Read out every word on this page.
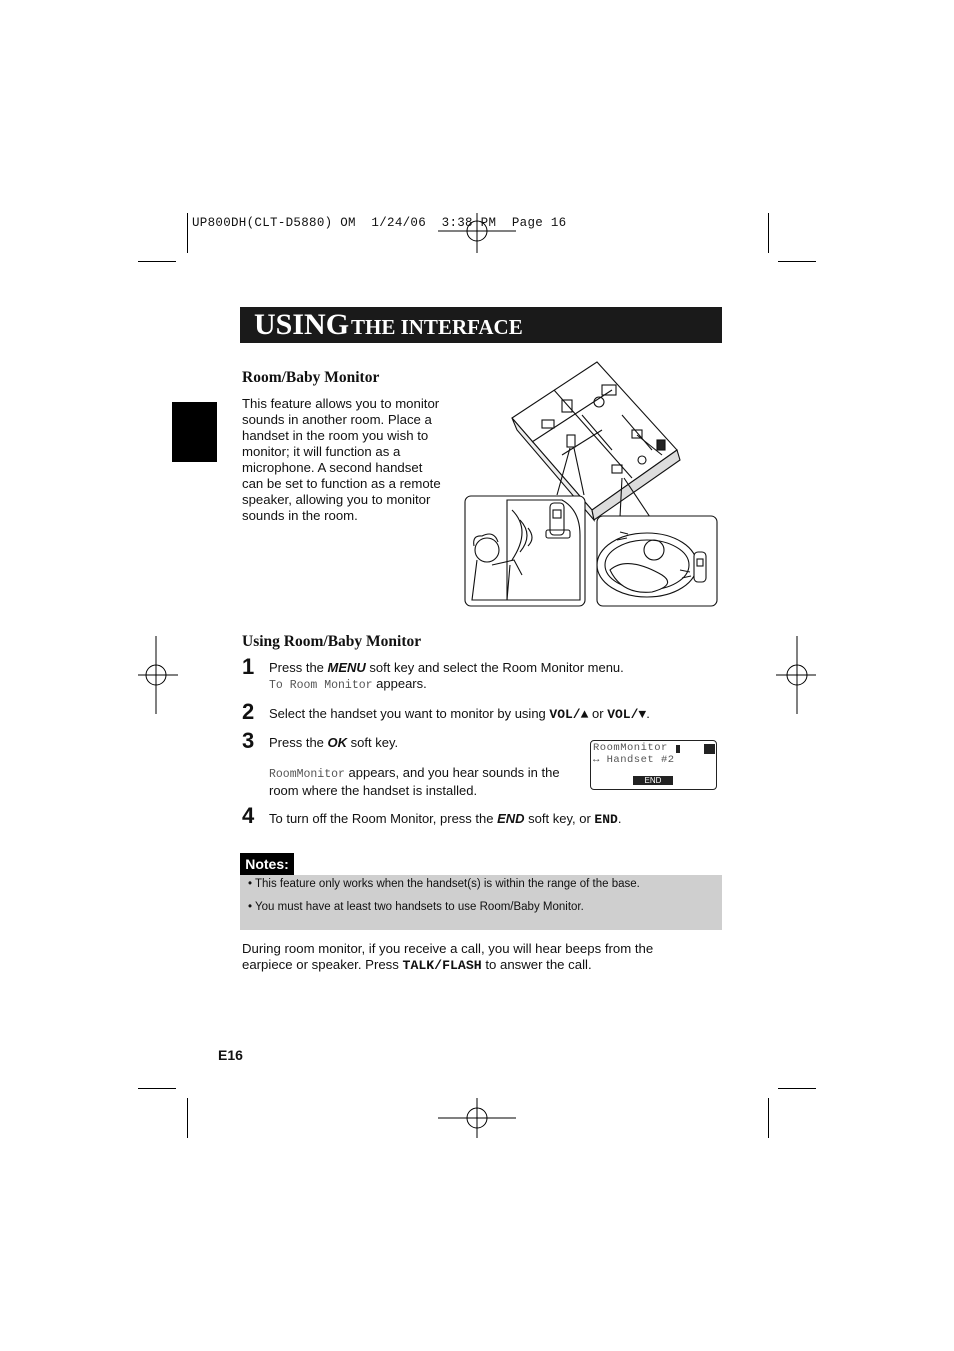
UP800DH(CLT-D5880) OM  1/24/06  3:38 PM  Page 16
USING THE INTERFACE
Room/Baby Monitor
This feature allows you to monitor
sounds in another room. Place a
handset in the room you wish to
monitor; it will function as a
microphone. A second handset
can be set to function as a remote
speaker, allowing you to monitor
sounds in the room.
Using Room/Baby Monitor
1 Press the MENU soft key and select the Room Monitor menu.
To Room Monitor appears.
2 Select the handset you want to monitor by using VOL/▲ or VOL/▼.
3 Press the OK soft key.
RoomMonitor appears, and you hear sounds in the
room where the handset is installed.
RoomMonitor
↔ Handset #2
END
4 To turn off the Room Monitor, press the END soft key, or END.
Notes:
• This feature only works when the handset(s) is within the range of the base.
• You must have at least two handsets to use Room/Baby Monitor.
During room monitor, if you receive a call, you will hear beeps from the
earpiece or speaker. Press TALK/FLASH to answer the call.
E16
